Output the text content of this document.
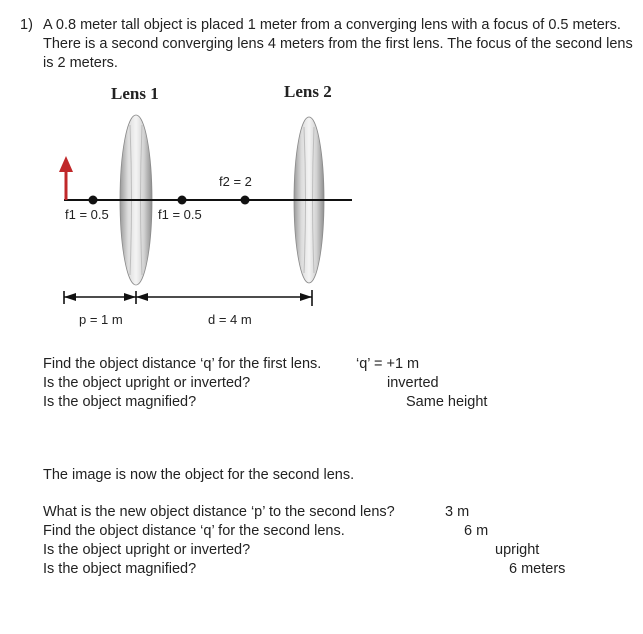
1) A 0.8 meter tall object is placed 1 meter from a converging lens with a focus of 0.5 meters. There is a second converging lens 4 meters from the first lens. The focus of the second lens is 2 meters.
Lens 1	Lens 2
f2 = 2
f1 = 0.5	f1 = 0.5
p = 1 m	d = 4 m
Find the object distance ‘q’ for the first lens. ‘q’ = +1 m
Is the object upright or inverted?	inverted
Is the object magnified?	Same height
The image is now the object for the second lens.
What is the new object distance ‘p’ to the second lens?	3 m
Find the object distance ‘q’ for the second lens.	6 m
Is the object upright or inverted?	upright
Is the object magnified?	6 meters
